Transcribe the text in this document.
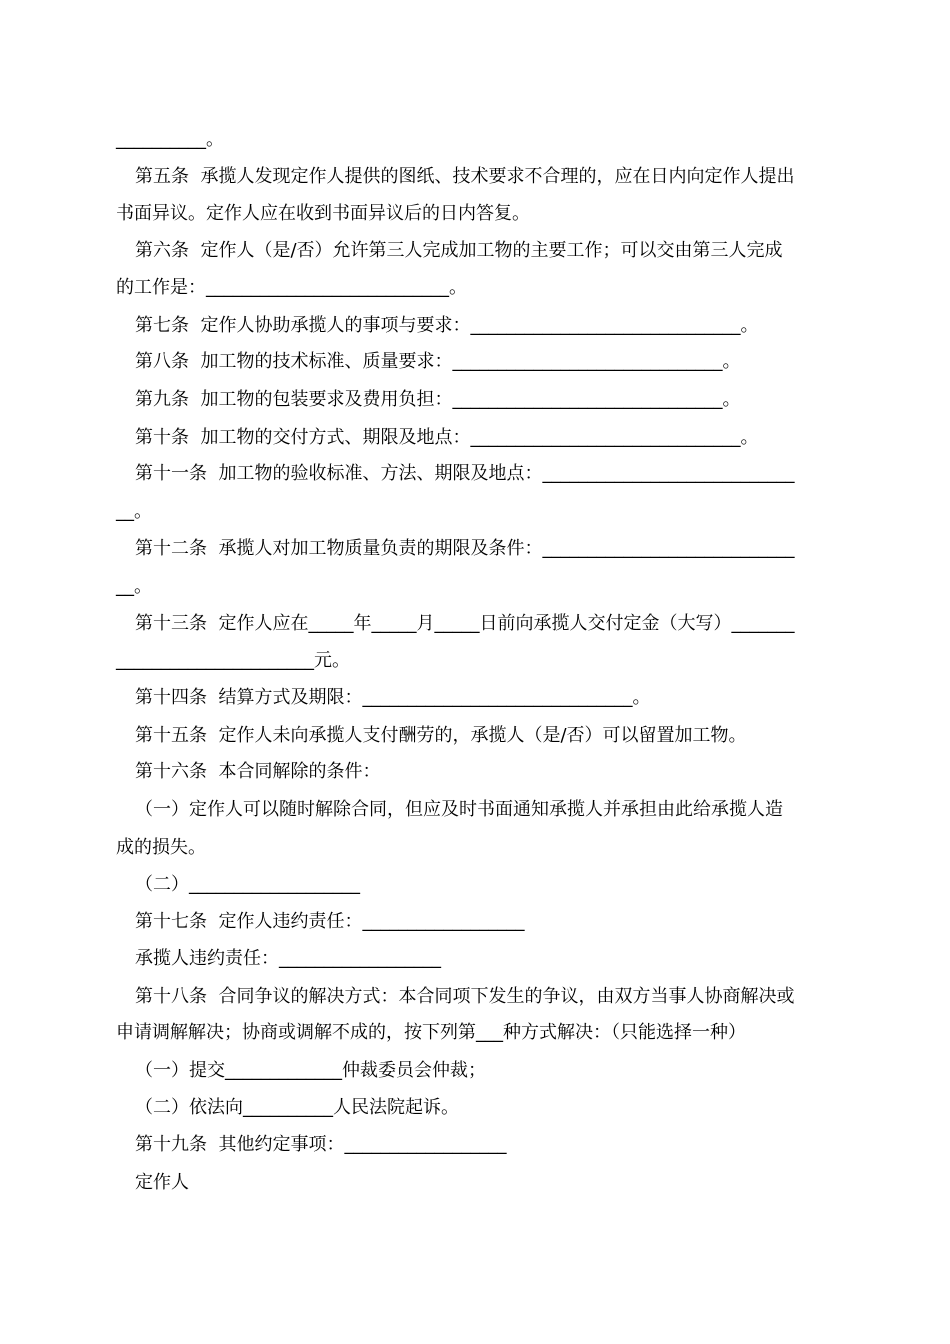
__________。
第五条  承揽人发现定作人提供的图纸、技术要求不合理的，应在日内向定作人提出
书面异议。定作人应在收到书面异议后的日内答复。
第六条  定作人（是/否）允许第三人完成加工物的主要工作；可以交由第三人完成
的工作是：___________________________。
第七条  定作人协助承揽人的事项与要求：______________________________。
第八条  加工物的技术标准、质量要求：______________________________。
第九条  加工物的包装要求及费用负担：______________________________。
第十条  加工物的交付方式、期限及地点：______________________________。
第十一条  加工物的验收标准、方法、期限及地点：____________________________
__。
第十二条  承揽人对加工物质量负责的期限及条件：____________________________
__。
第十三条  定作人应在_____年_____月_____日前向承揽人交付定金（大写）_______
______________________元。
第十四条  结算方式及期限：______________________________。
第十五条  定作人未向承揽人支付酬劳的，承揽人（是/否）可以留置加工物。
第十六条  本合同解除的条件：
（一）定作人可以随时解除合同，但应及时书面通知承揽人并承担由此给承揽人造
成的损失。
（二）___________________
第十七条  定作人违约责任：__________________
承揽人违约责任：__________________
第十八条  合同争议的解决方式：本合同项下发生的争议，由双方当事人协商解决或
申请调解解决；协商或调解不成的，按下列第___种方式解决：（只能选择一种）
（一）提交_____________仲裁委员会仲裁；
（二）依法向__________人民法院起诉。
第十九条  其他约定事项：__________________
定作人
